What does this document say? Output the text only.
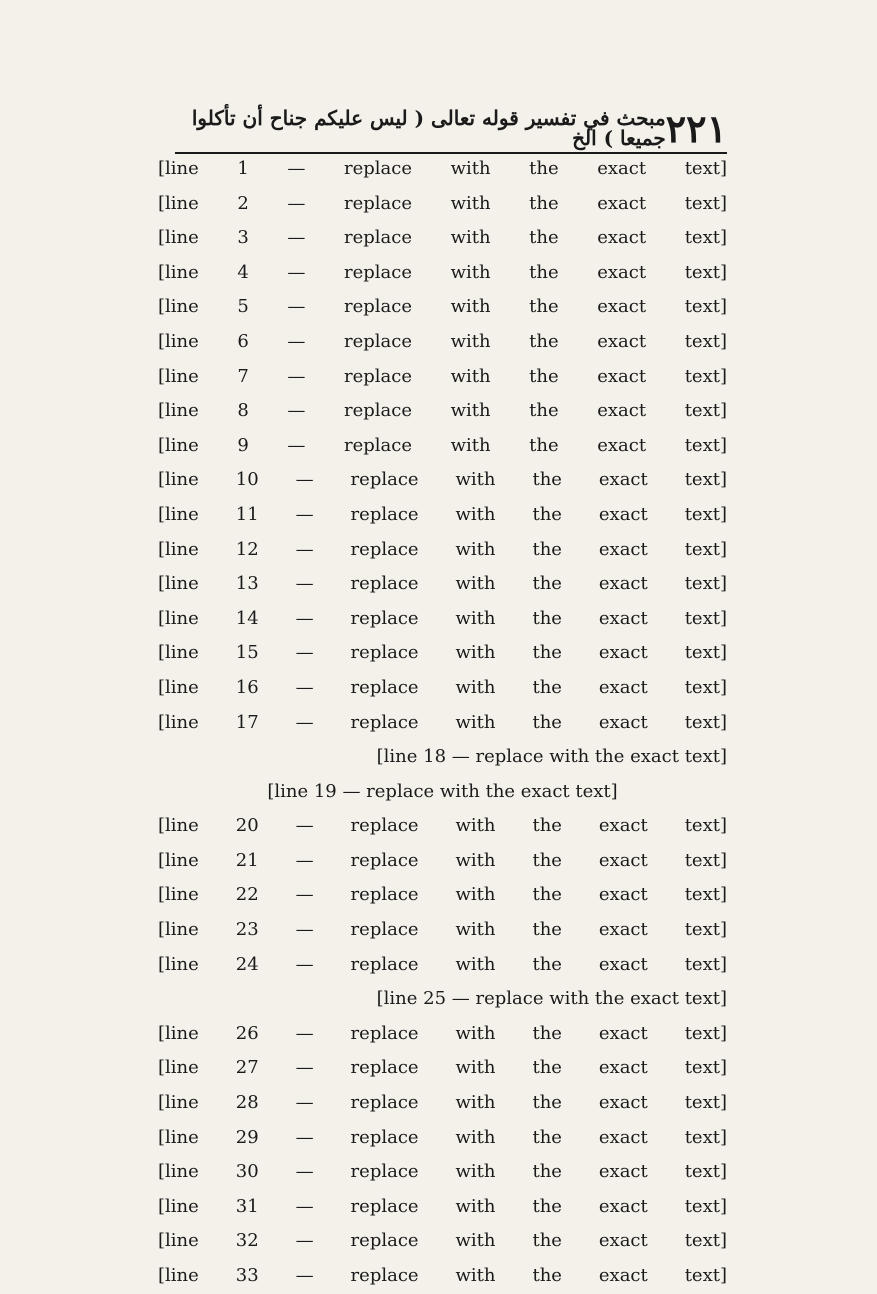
٢٢١
مبحث في تفسير قوله تعالى ( ليس عليكم جناح أن تأكلوا جميعا ) الخ
[line 1 — replace with the exact text]
[line 2 — replace with the exact text]
[line 3 — replace with the exact text]
[line 4 — replace with the exact text]
[line 5 — replace with the exact text]
[line 6 — replace with the exact text]
[line 7 — replace with the exact text]
[line 8 — replace with the exact text]
[line 9 — replace with the exact text]
[line 10 — replace with the exact text]
[line 11 — replace with the exact text]
[line 12 — replace with the exact text]
[line 13 — replace with the exact text]
[line 14 — replace with the exact text]
[line 15 — replace with the exact text]
[line 16 — replace with the exact text]
[line 17 — replace with the exact text]
[line 18 — replace with the exact text]
[line 19 — replace with the exact text]
[line 20 — replace with the exact text]
[line 21 — replace with the exact text]
[line 22 — replace with the exact text]
[line 23 — replace with the exact text]
[line 24 — replace with the exact text]
[line 25 — replace with the exact text]
[line 26 — replace with the exact text]
[line 27 — replace with the exact text]
[line 28 — replace with the exact text]
[line 29 — replace with the exact text]
[line 30 — replace with the exact text]
[line 31 — replace with the exact text]
[line 32 — replace with the exact text]
[line 33 — replace with the exact text]
